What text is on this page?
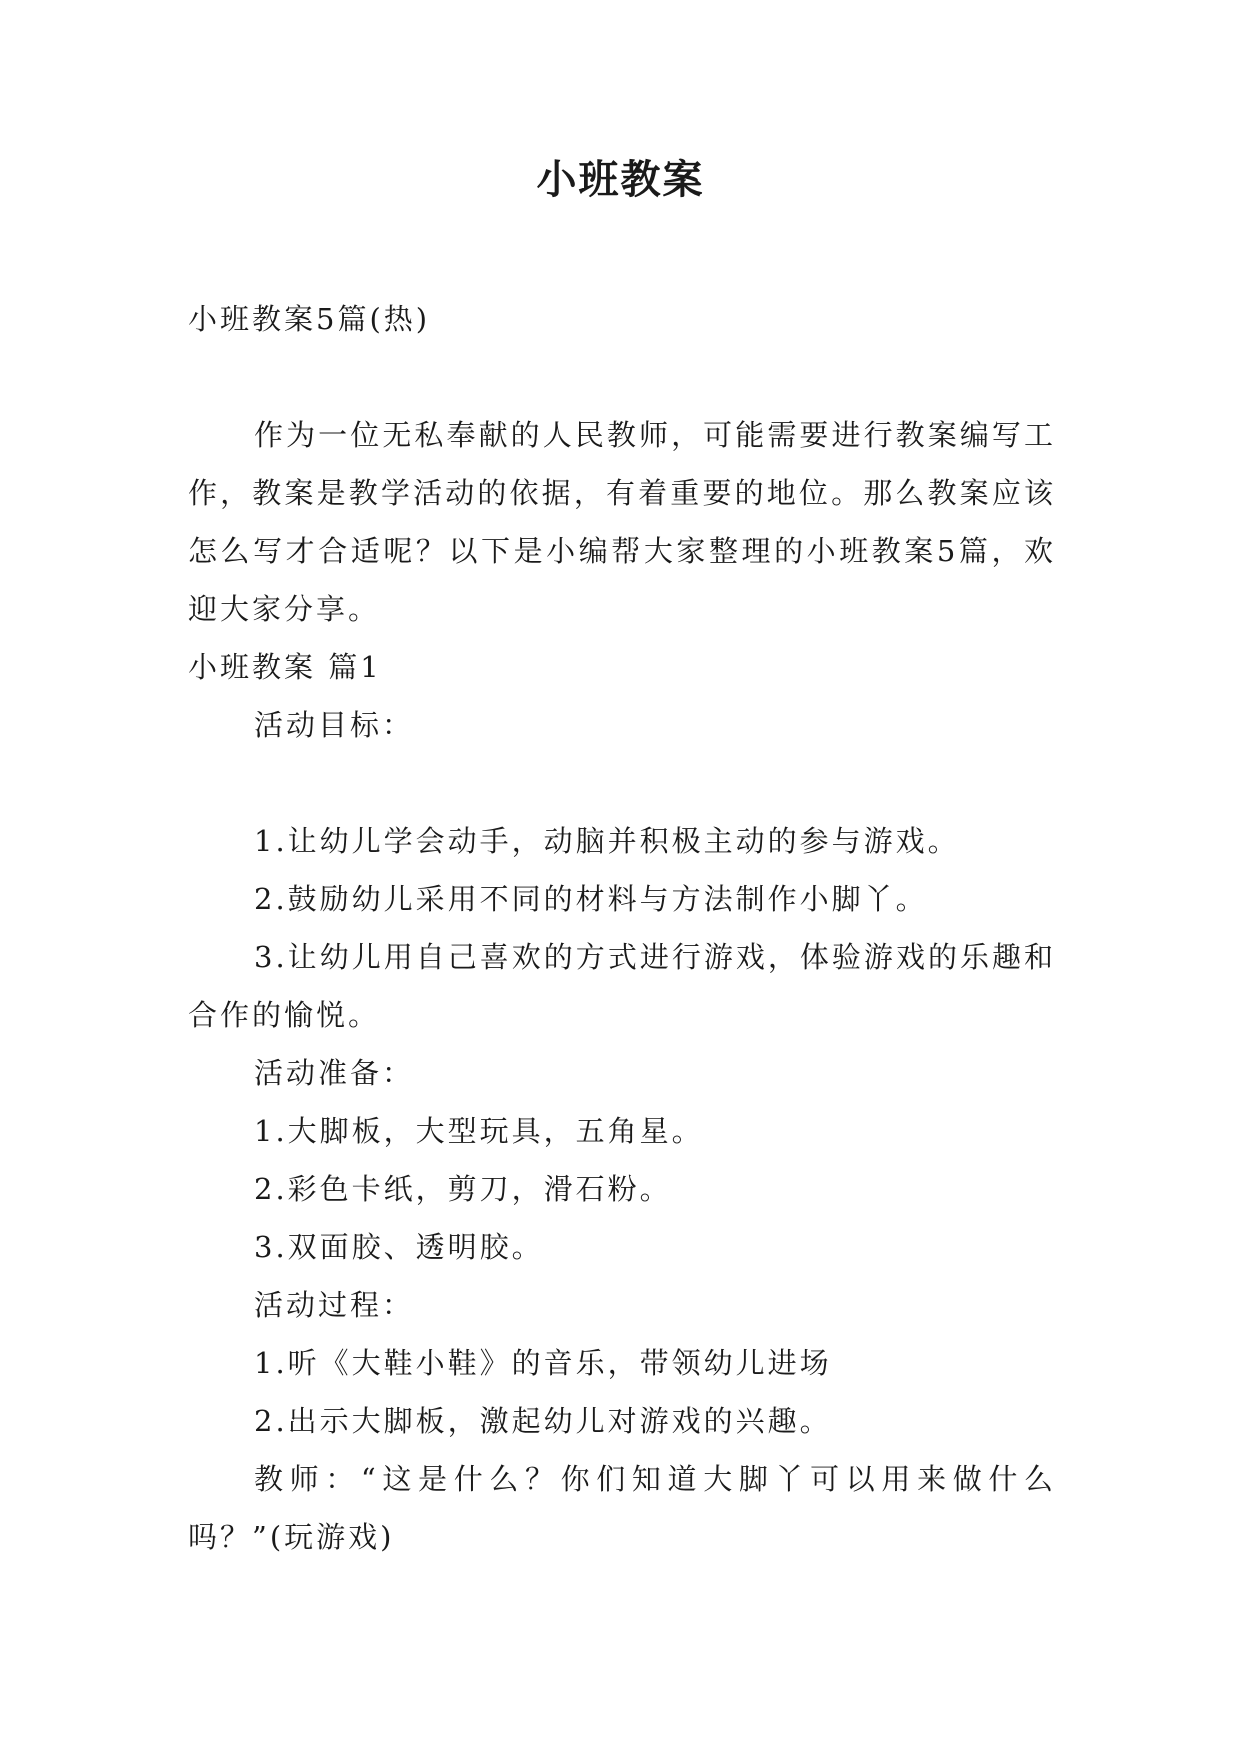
小班教案

小班教案5篇(热)

作为一位无私奉献的人民教师，可能需要进行教案编写工作，教案是教学活动的依据，有着重要的地位。那么教案应该怎么写才合适呢？以下是小编帮大家整理的小班教案5篇，欢迎大家分享。

小班教案 篇1

活动目标：

1.让幼儿学会动手，动脑并积极主动的参与游戏。

2.鼓励幼儿采用不同的材料与方法制作小脚丫。

3.让幼儿用自己喜欢的方式进行游戏，体验游戏的乐趣和合作的愉悦。

活动准备：

1.大脚板，大型玩具，五角星。

2.彩色卡纸，剪刀，滑石粉。

3.双面胶、透明胶。

活动过程：

1.听《大鞋小鞋》的音乐，带领幼儿进场

2.出示大脚板，激起幼儿对游戏的兴趣。

教师：“这是什么？你们知道大脚丫可以用来做什么吗？”(玩游戏)
